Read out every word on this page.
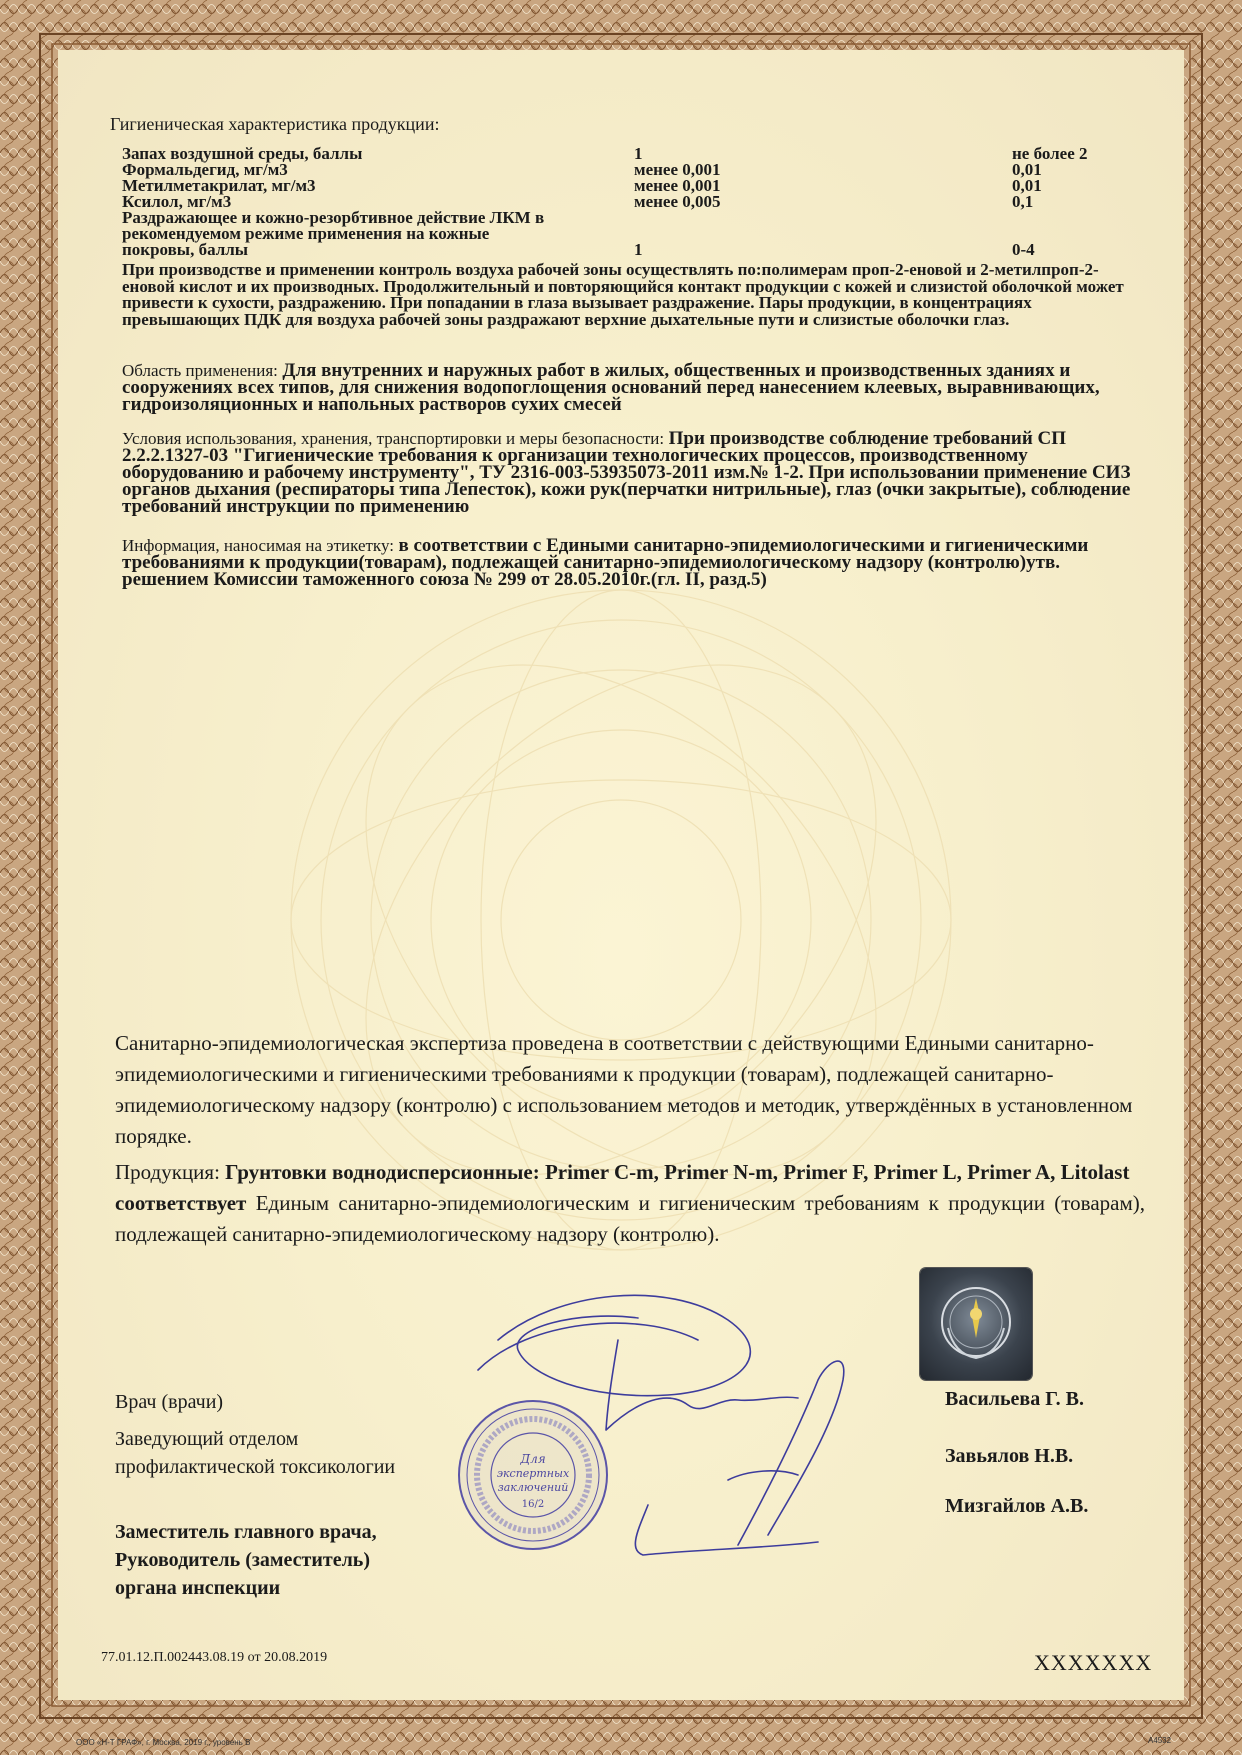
Гигиеническая характеристика продукции:
Запах воздушной среды, баллы	1	не более 2
Формальдегид, мг/м3	менее 0,001	0,01
Метилметакрилат, мг/м3	менее 0,001	0,01
Ксилол, мг/м3	менее 0,005	0,1
Раздражающее и кожно-резорбтивное действие ЛКМ в рекомендуемом режиме применения на кожные покровы, баллы	1	0-4
При производстве и применении контроль воздуха рабочей зоны осуществлять по:полимерам проп-2-еновой и 2-метилпроп-2-еновой кислот и их производных. Продолжительный и повторяющийся контакт продукции с кожей и слизистой оболочкой может привести к сухости, раздражению. При попадании в глаза вызывает раздражение. Пары продукции, в концентрациях превышающих ПДК для воздуха рабочей зоны раздражают верхние дыхательные пути и слизистые оболочки глаз.
Область применения: Для внутренних и наружных работ в жилых, общественных и производственных зданиях и сооружениях всех типов, для снижения водопоглощения оснований перед нанесением клеевых, выравнивающих, гидроизоляционных и напольных растворов сухих смесей
Условия использования, хранения, транспортировки и меры безопасности: При производстве соблюдение требований СП 2.2.2.1327-03 "Гигиенические требования к организации технологических процессов, производственному оборудованию и рабочему инструменту", ТУ 2316-003-53935073-2011 изм.№ 1-2. При использовании применение СИЗ органов дыхания (респираторы типа Лепесток), кожи рук(перчатки нитрильные), глаз (очки закрытые), соблюдение требований инструкции по применению
Информация, наносимая на этикетку: в соответствии с Едиными санитарно-эпидемиологическими и гигиеническими требованиями к продукции(товарам), подлежащей санитарно-эпидемиологическому надзору (контролю)утв. решением Комиссии таможенного союза № 299 от 28.05.2010г.(гл. II, разд.5)
Санитарно-эпидемиологическая экспертиза проведена в соответствии с действующими Едиными санитарно-эпидемиологическими и гигиеническими требованиями к продукции (товарам), подлежащей санитарно-эпидемиологическому надзору (контролю) с использованием методов и методик, утверждённых в установленном порядке.
Продукция: Грунтовки воднодисперсионные: Primer C-m, Primer N-m, Primer F, Primer L, Primer A, Litolast
соответствует Единым санитарно-эпидемиологическим и гигиеническим требованиям к продукции (товарам), подлежащей санитарно-эпидемиологическому надзору (контролю).
Врач (врачи)
Заведующий отделом
профилактической токсикологии
Заместитель главного врача,
Руководитель (заместитель)
органа инспекции
Васильева Г. В.
Завьялов Н.В.
Мизгайлов А.В.
Для
экспертных
заключений
16/2
77.01.12.П.002443.08.19 от 20.08.2019	XXXXXXX
ООО «Н-Т ГРАФ», г. Москва, 2019 г., уровень В	А4532
